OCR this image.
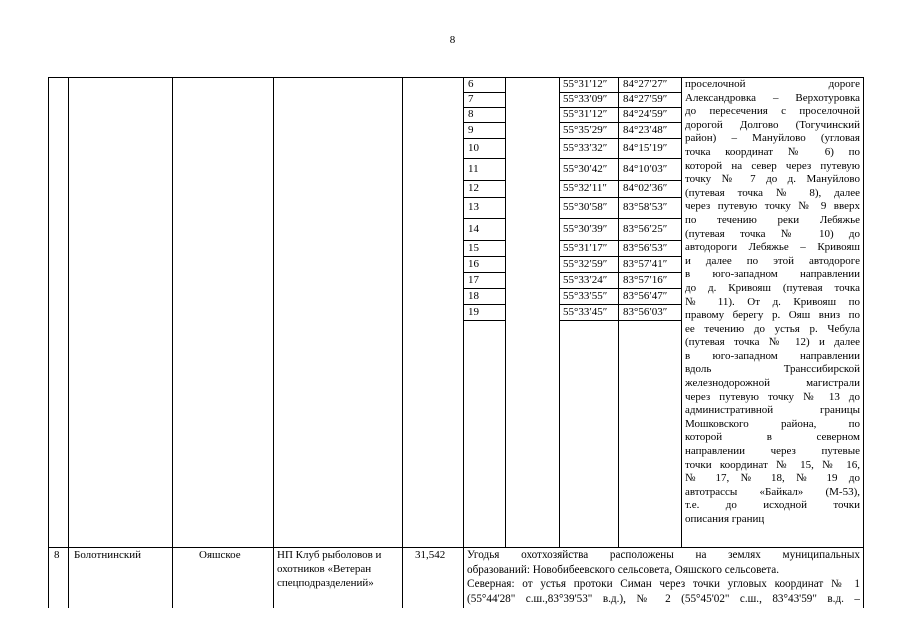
8
6	55°31′12″ 84°27′27″
7	55°33′09″ 84°27′59″
8	55°31′12″ 84°24′59″
9	55°35′29″ 84°23′48″
10	55°33′32″ 84°15′19″
11	55°30′42″ 84°10′03″
12	55°32′11″ 84°02′36″
13	55°30′58″ 83°58′53″
14	55°30′39″ 83°56′25″
15	55°31′17″ 83°56′53″
16	55°32′59″ 83°57′41″
17	55°33′24″ 83°57′16″
18	55°33′55″ 83°56′47″
19	55°33′45″ 83°56′03″
проселочной дороге
Александровка – Верхотуровка
до пересечения с проселочной
дорогой Долгово (Тогучинский
район) – Мануйлово (угловая
точка координат № 6) по
которой на север через путевую
точку № 7 до д. Мануйлово
(путевая точка № 8), далее
через путевую точку № 9 вверх
по течению реки Лебяжье
(путевая точка № 10) до
автодороги Лебяжье – Кривояш
и далее по этой автодороге
в юго-западном направлении
до д. Кривояш (путевая точка
№ 11). От д. Кривояш по
правому берегу р. Ояш вниз по
ее течению до устья р. Чебула
(путевая точка № 12) и далее
в юго-западном направлении
вдоль Транссибирской
железнодорожной магистрали
через путевую точку № 13 до
административной границы
Мошковского района, по
которой в северном
направлении через путевые
точки координат № 15, № 16,
№ 17, № 18, № 19 до
автотрассы «Байкал» (М-53),
т.е. до исходной точки
описания границ
8 Болотнинский	Ояшское	НП Клуб рыболовов и
охотников «Ветеран
спецподразделений»
31,542 Угодья охотхозяйства расположены на землях муниципальных
образований: Новобибеевского сельсовета, Ояшского сельсовета.
Северная: от устья протоки Симан через точки угловых координат № 1
(55°44'28" с.ш.,83°39'53" в.д.), № 2 (55°45'02" с.ш., 83°43'59" в.д. –
